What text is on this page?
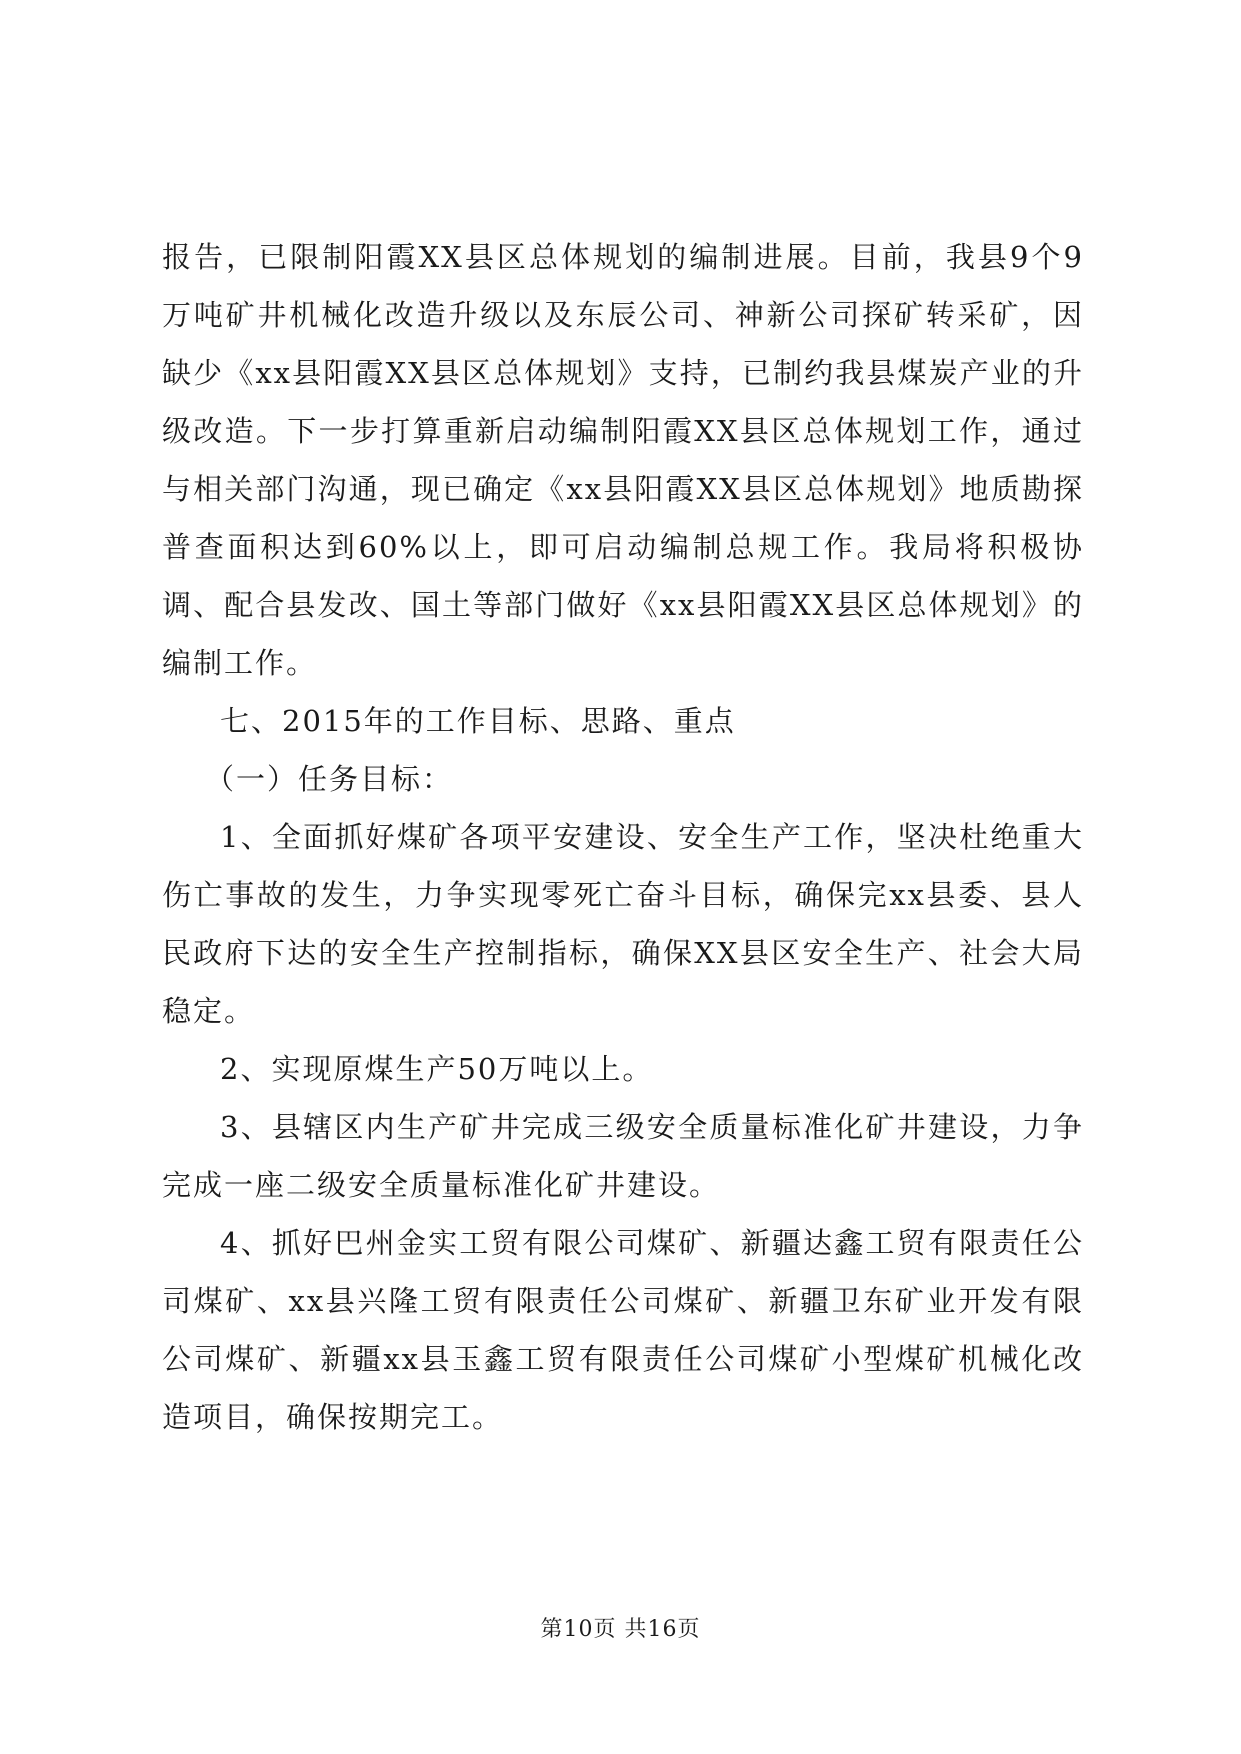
报告，已限制阳霞XX县区总体规划的编制进展。目前，我县9个9万吨矿井机械化改造升级以及东辰公司、神新公司探矿转采矿，因缺少《xx县阳霞XX县区总体规划》支持，已制约我县煤炭产业的升级改造。下一步打算重新启动编制阳霞XX县区总体规划工作，通过与相关部门沟通，现已确定《xx县阳霞XX县区总体规划》地质勘探普查面积达到60%以上，即可启动编制总规工作。我局将积极协调、配合县发改、国土等部门做好《xx县阳霞XX县区总体规划》的编制工作。

七、2015年的工作目标、思路、重点

（一）任务目标：

1、全面抓好煤矿各项平安建设、安全生产工作，坚决杜绝重大伤亡事故的发生，力争实现零死亡奋斗目标，确保完xx县委、县人民政府下达的安全生产控制指标，确保XX县区安全生产、社会大局稳定。

2、实现原煤生产50万吨以上。

3、县辖区内生产矿井完成三级安全质量标准化矿井建设，力争完成一座二级安全质量标准化矿井建设。

4、抓好巴州金实工贸有限公司煤矿、新疆达鑫工贸有限责任公司煤矿、xx县兴隆工贸有限责任公司煤矿、新疆卫东矿业开发有限公司煤矿、新疆xx县玉鑫工贸有限责任公司煤矿小型煤矿机械化改造项目，确保按期完工。

第10页 共16页
